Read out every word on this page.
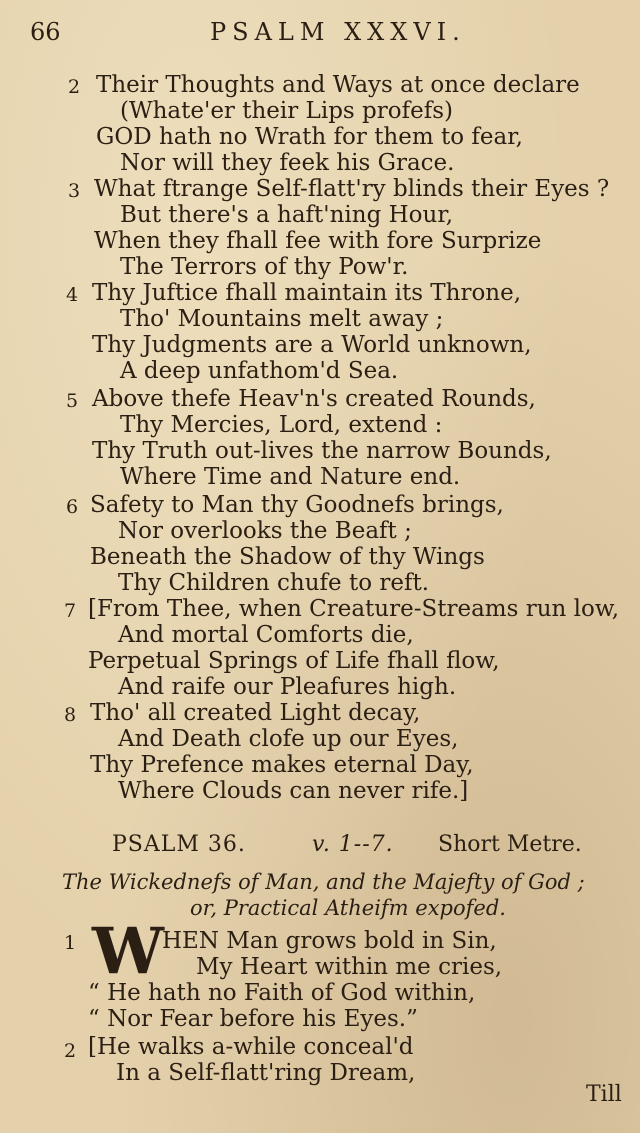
66	PSALM XXXVI.
2 Their Thoughts and Ways at once declare
(Whate'er their Lips profefs)
GOD hath no Wrath for them to fear,
Nor will they feek his Grace.
3 What ftrange Self-flatt'ry blinds their Eyes ?
But there's a haft'ning Hour,
When they fhall fee with fore Surprize
The Terrors of thy Pow'r.
4 Thy Juftice fhall maintain its Throne,
Tho' Mountains melt away ;
Thy Judgments are a World unknown,
A deep unfathom'd Sea.
5 Above thefe Heav'n's created Rounds,
Thy Mercies, Lord, extend :
Thy Truth out-lives the narrow Bounds,
Where Time and Nature end.
6 Safety to Man thy Goodnefs brings,
Nor overlooks the Beaft ;
Beneath the Shadow of thy Wings
Thy Children chufe to reft.
7 [From Thee, when Creature-Streams run low,
And mortal Comforts die,
Perpetual Springs of Life fhall flow,
And raife our Pleafures high.
8 Tho' all created Light decay,
And Death clofe up our Eyes,
Thy Prefence makes eternal Day,
Where Clouds can never rife.]
PSALM 36.	v. 1--7. Short Metre.
The Wickednefs of Man, and the Majefty of God ;
or, Practical Atheifm expofed.
1 W
HEN Man grows bold in Sin,
My Heart within me cries,
“ He hath no Faith of God within,
“ Nor Fear before his Eyes.”
2 [He walks a-while conceal'd
In a Self-flatt'ring Dream,
Till
